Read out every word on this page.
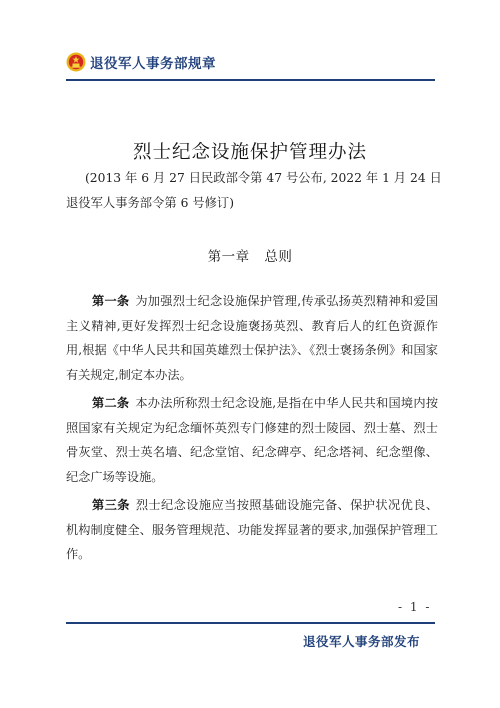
退役军人事务部规章
烈士纪念设施保护管理办法
(2013 年 6 月 27 日民政部令第 47 号公布, 2022 年 1 月 24 日退役军人事务部令第 6 号修订)
第一章 总则

第一条 为加强烈士纪念设施保护管理,传承弘扬英烈精神和爱国主义精神,更好发挥烈士纪念设施褒扬英烈、教育后人的红色资源作用,根据《中华人民共和国英雄烈士保护法》、《烈士褒扬条例》和国家有关规定,制定本办法。

第二条 本办法所称烈士纪念设施,是指在中华人民共和国境内按照国家有关规定为纪念缅怀英烈专门修建的烈士陵园、烈士墓、烈士骨灰堂、烈士英名墙、纪念堂馆、纪念碑亭、纪念塔祠、纪念塑像、纪念广场等设施。

第三条 烈士纪念设施应当按照基础设施完备、保护状况优良、机构制度健全、服务管理规范、功能发挥显著的要求,加强保护管理工作。

- 1 -
退役军人事务部发布
